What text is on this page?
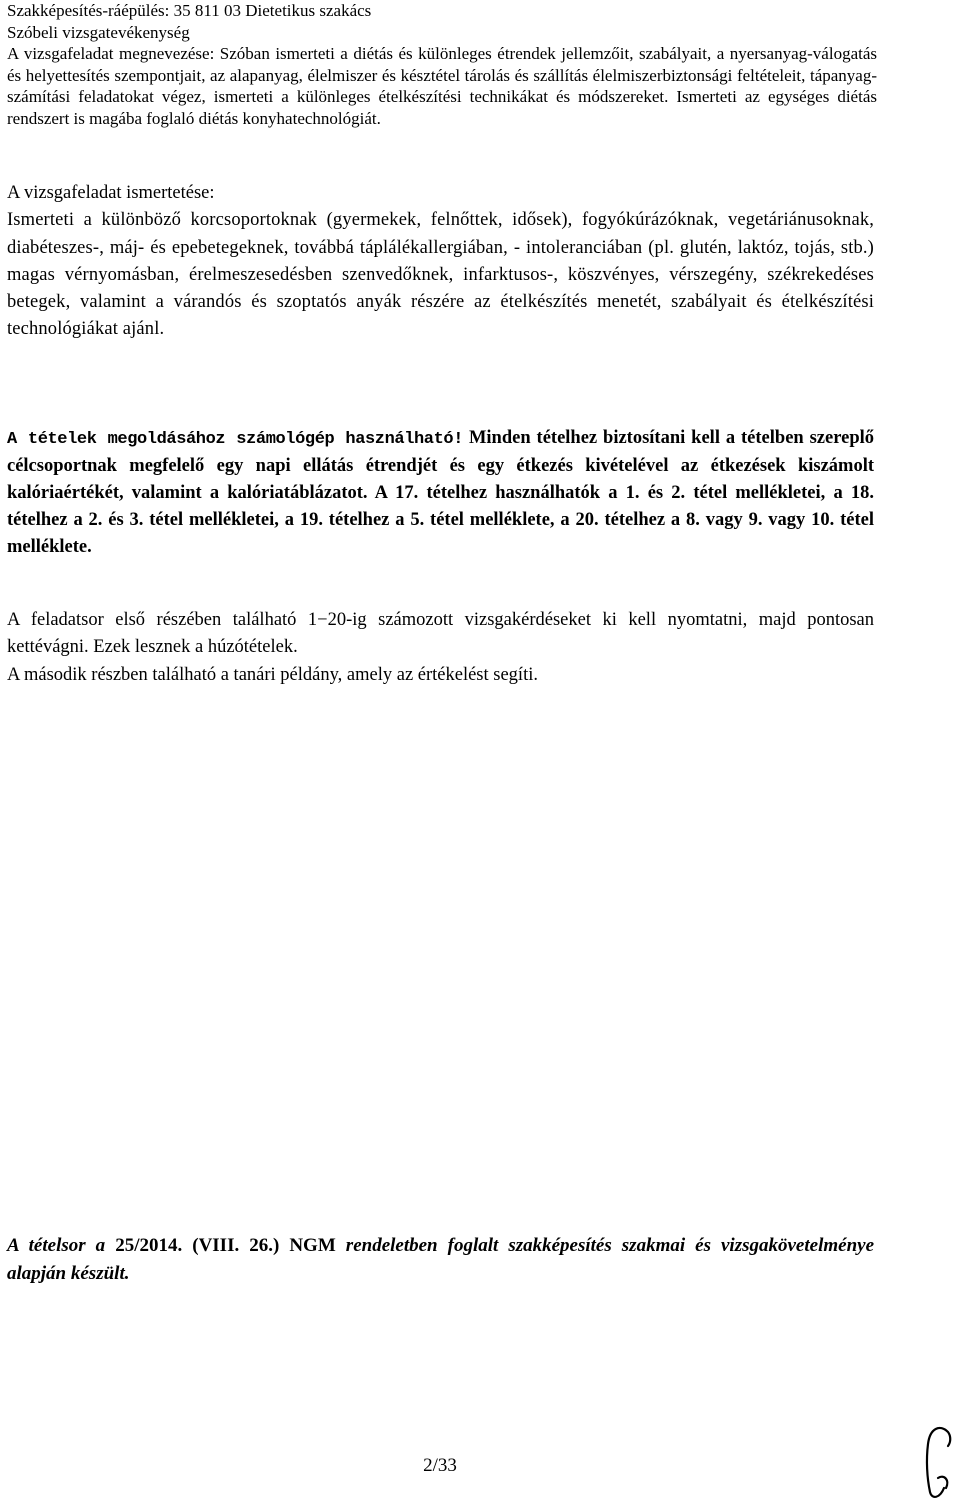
Szakképesítés-ráépülés: 35 811 03 Dietetikus szakács
Szóbeli vizsgatevékenység
A vizsgafeladat megnevezése: Szóban ismerteti a diétás és különleges étrendek jellemzőit, szabályait, a nyersanyag-válogatás és helyettesítés szempontjait, az alapanyag, élelmiszer és késztétel tárolás és szállítás élelmiszerbiztonsági feltételeit, tápanyag-számítási feladatokat végez, ismerteti a különleges ételkészítési technikákat és módszereket. Ismerteti az egységes diétás rendszert is magába foglaló diétás konyhatechnológiát.
A vizsgafeladat ismertetése:
Ismerteti a különböző korcsoportoknak (gyermekek, felnőttek, idősek), fogyókúrázóknak, vegetáriánusoknak, diabéteszes-, máj- és epebetegeknek, továbbá táplálékallergiában, - intoleranciában (pl. glutén, laktóz, tojás, stb.) magas vérnyomásban, érelmeszesedésben szenvedőknek, infarktusos-, köszvényes, vérszegény, székrekedéses betegek, valamint a várandós és szoptatós anyák részére az ételkészítés menetét, szabályait és ételkészítési technológiákat ajánl.
A tételek megoldásához számológép használható! Minden tételhez biztosítani kell a tételben szereplő célcsoportnak megfelelő egy napi ellátás étrendjét és egy étkezés kivételével az étkezések kiszámolt kalóriaértékét, valamint a kalóriatáblázatot. A 17. tételhez használhatók a 1. és 2. tétel mellékletei, a 18. tételhez a 2. és 3. tétel mellékletei, a 19. tételhez a 5. tétel melléklete, a 20. tételhez a 8. vagy 9. vagy 10. tétel melléklete.

A feladatsor első részében található 1−20-ig számozott vizsgakérdéseket ki kell nyomtatni, majd pontosan kettévágni. Ezek lesznek a húzótételek.

A második részben található a tanári példány, amely az értékelést segíti.

A tételsor a 25/2014. (VIII. 26.) NGM rendeletben foglalt szakképesítés szakmai és vizsgakövetelménye alapján készült.
2/33
